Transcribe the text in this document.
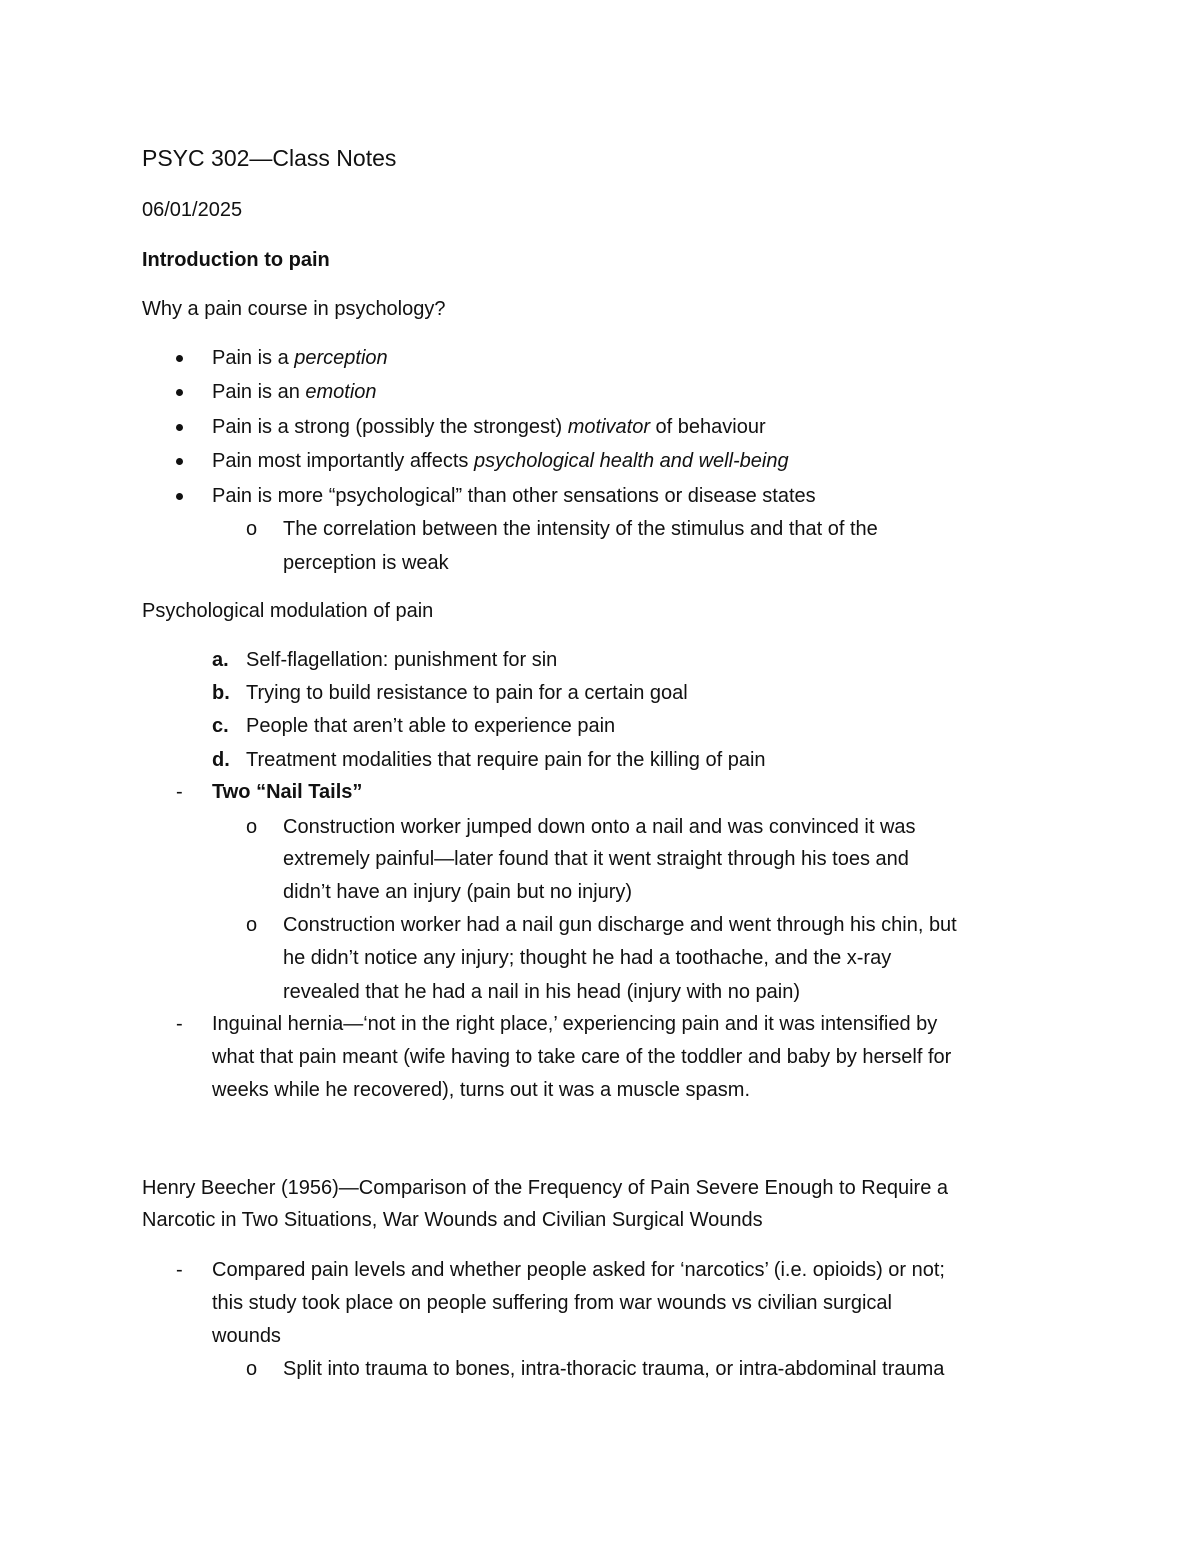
PSYC 302—Class Notes
06/01/2025
Introduction to pain
Why a pain course in psychology?
Pain is a perception
Pain is an emotion
Pain is a strong (possibly the strongest) motivator of behaviour
Pain most importantly affects psychological health and well-being
Pain is more “psychological” than other sensations or disease states
o The correlation between the intensity of the stimulus and that of the
perception is weak
Psychological modulation of pain
a. Self-flagellation: punishment for sin
b. Trying to build resistance to pain for a certain goal
c. People that aren’t able to experience pain
d. Treatment modalities that require pain for the killing of pain
- Two “Nail Tails”
o Construction worker jumped down onto a nail and was convinced it was
extremely painful—later found that it went straight through his toes and
didn’t have an injury (pain but no injury)
o Construction worker had a nail gun discharge and went through his chin, but
he didn’t notice any injury; thought he had a toothache, and the x-ray
revealed that he had a nail in his head (injury with no pain)
- Inguinal hernia—‘not in the right place,’ experiencing pain and it was intensified by
what that pain meant (wife having to take care of the toddler and baby by herself for
weeks while he recovered), turns out it was a muscle spasm.
Henry Beecher (1956)—Comparison of the Frequency of Pain Severe Enough to Require a
Narcotic in Two Situations, War Wounds and Civilian Surgical Wounds
- Compared pain levels and whether people asked for ‘narcotics’ (i.e. opioids) or not;
this study took place on people suffering from war wounds vs civilian surgical
wounds
o Split into trauma to bones, intra-thoracic trauma, or intra-abdominal trauma
